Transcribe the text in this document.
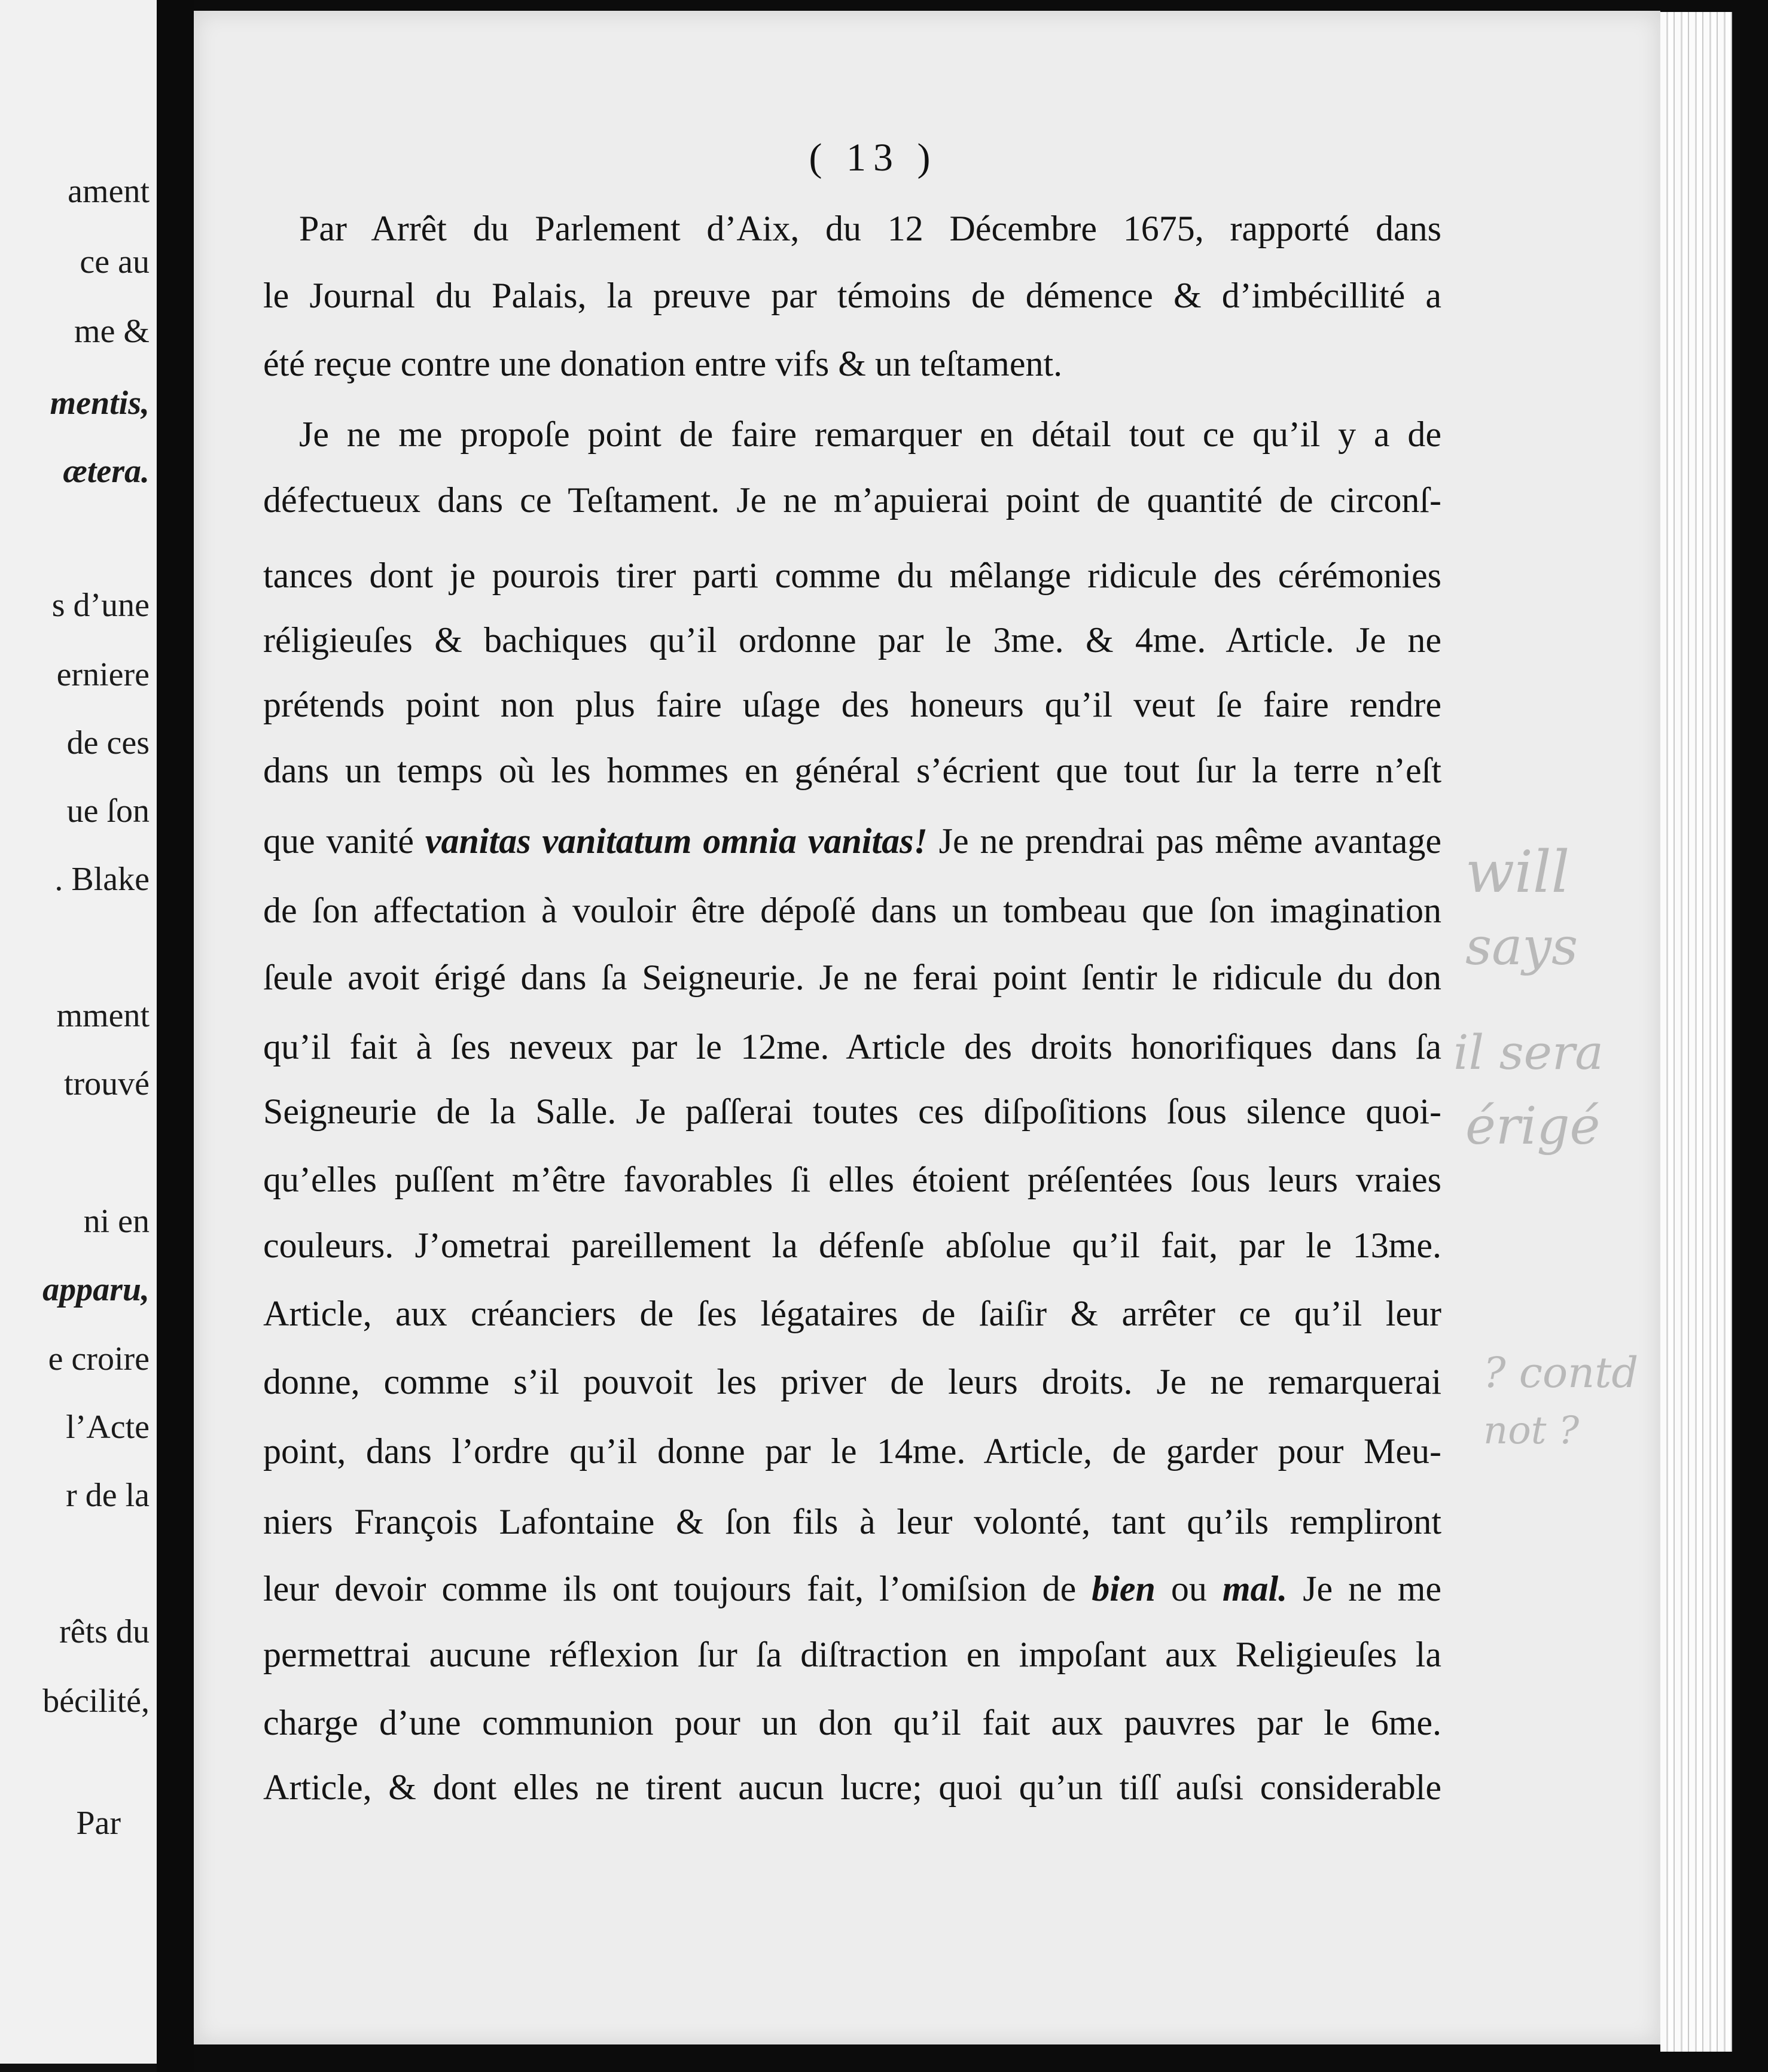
ament
ce au
me &
mentis,
ætera.
s d’une
erniere
de ces
ue ſon
. Blake
mment
trouvé
ni en
apparu,
e croire
l’Acte
r de la
rêts du
bécilité,
Par
( 13 )
Par Arrêt du Parlement d’Aix, du 12 Décembre 1675, rapporté dans
le Journal du Palais, la preuve par témoins de démence & d’imbécillité a
été reçue contre une donation entre vifs & un teſtament.
Je ne me propoſe point de faire remarquer en détail tout ce qu’il y a de
défectueux dans ce Teſtament. Je ne m’apuierai point de quantité de circonſ-
tances dont je pourois tirer parti comme du mêlange ridicule des cérémonies
réligieuſes & bachiques qu’il ordonne par le 3me. & 4me. Article. Je ne
prétends point non plus faire uſage des honeurs qu’il veut ſe faire rendre
dans un temps où les hommes en général s’écrient que tout ſur la terre n’eſt
que vanité vanitas vanitatum omnia vanitas! Je ne prendrai pas même avantage
de ſon affectation à vouloir être dépoſé dans un tombeau que ſon imagination
ſeule avoit érigé dans ſa Seigneurie. Je ne ferai point ſentir le ridicule du don
qu’il fait à ſes neveux par le 12me. Article des droits honorifiques dans ſa
Seigneurie de la Salle. Je paſſerai toutes ces diſpoſitions ſous silence quoi-
qu’elles puſſent m’être favorables ſi elles étoient préſentées ſous leurs vraies
couleurs. J’ometrai pareillement la défenſe abſolue qu’il fait, par le 13me.
Article, aux créanciers de ſes légataires de ſaiſir & arrêter ce qu’il leur
donne, comme s’il pouvoit les priver de leurs droits. Je ne remarquerai
point, dans l’ordre qu’il donne par le 14me. Article, de garder pour Meu-
niers François Lafontaine & ſon fils à leur volonté, tant qu’ils rempliront
leur devoir comme ils ont toujours fait, l’omiſsion de bien ou mal. Je ne me
permettrai aucune réflexion ſur ſa diſtraction en impoſant aux Religieuſes la
charge d’une communion pour un don qu’il fait aux pauvres par le 6me.
Article, & dont elles ne tirent aucun lucre; quoi qu’un tiſſ auſsi considerable
will
says
il sera
érigé
? contd
not ?
